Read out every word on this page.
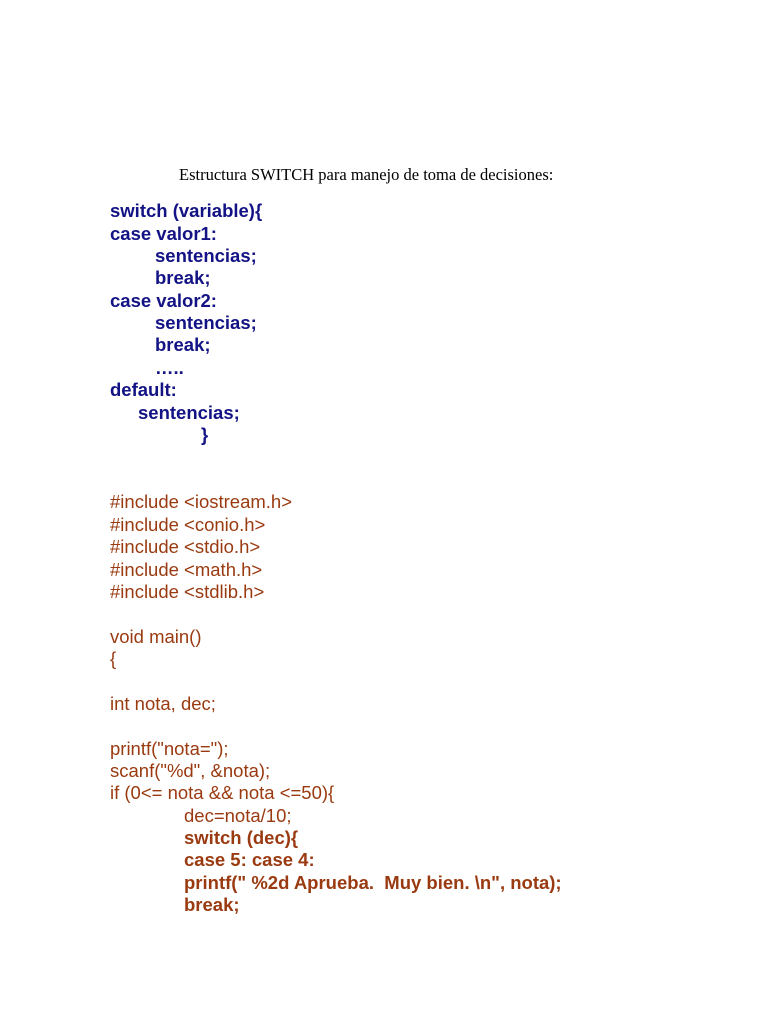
Estructura SWITCH para manejo de toma de decisiones:
switch (variable){
case valor1:
sentencias;
break;
case valor2:
sentencias;
break;
…..
default:
sentencias;
}
#include <iostream.h>
#include <conio.h>
#include <stdio.h>
#include <math.h>
#include <stdlib.h>
void main()
{
int nota, dec;
printf("nota=");
scanf("%d", &nota);
if (0<= nota && nota <=50){
dec=nota/10;
switch (dec){
case 5: case 4:
printf(" %2d Aprueba.  Muy bien. \n", nota);
break;
